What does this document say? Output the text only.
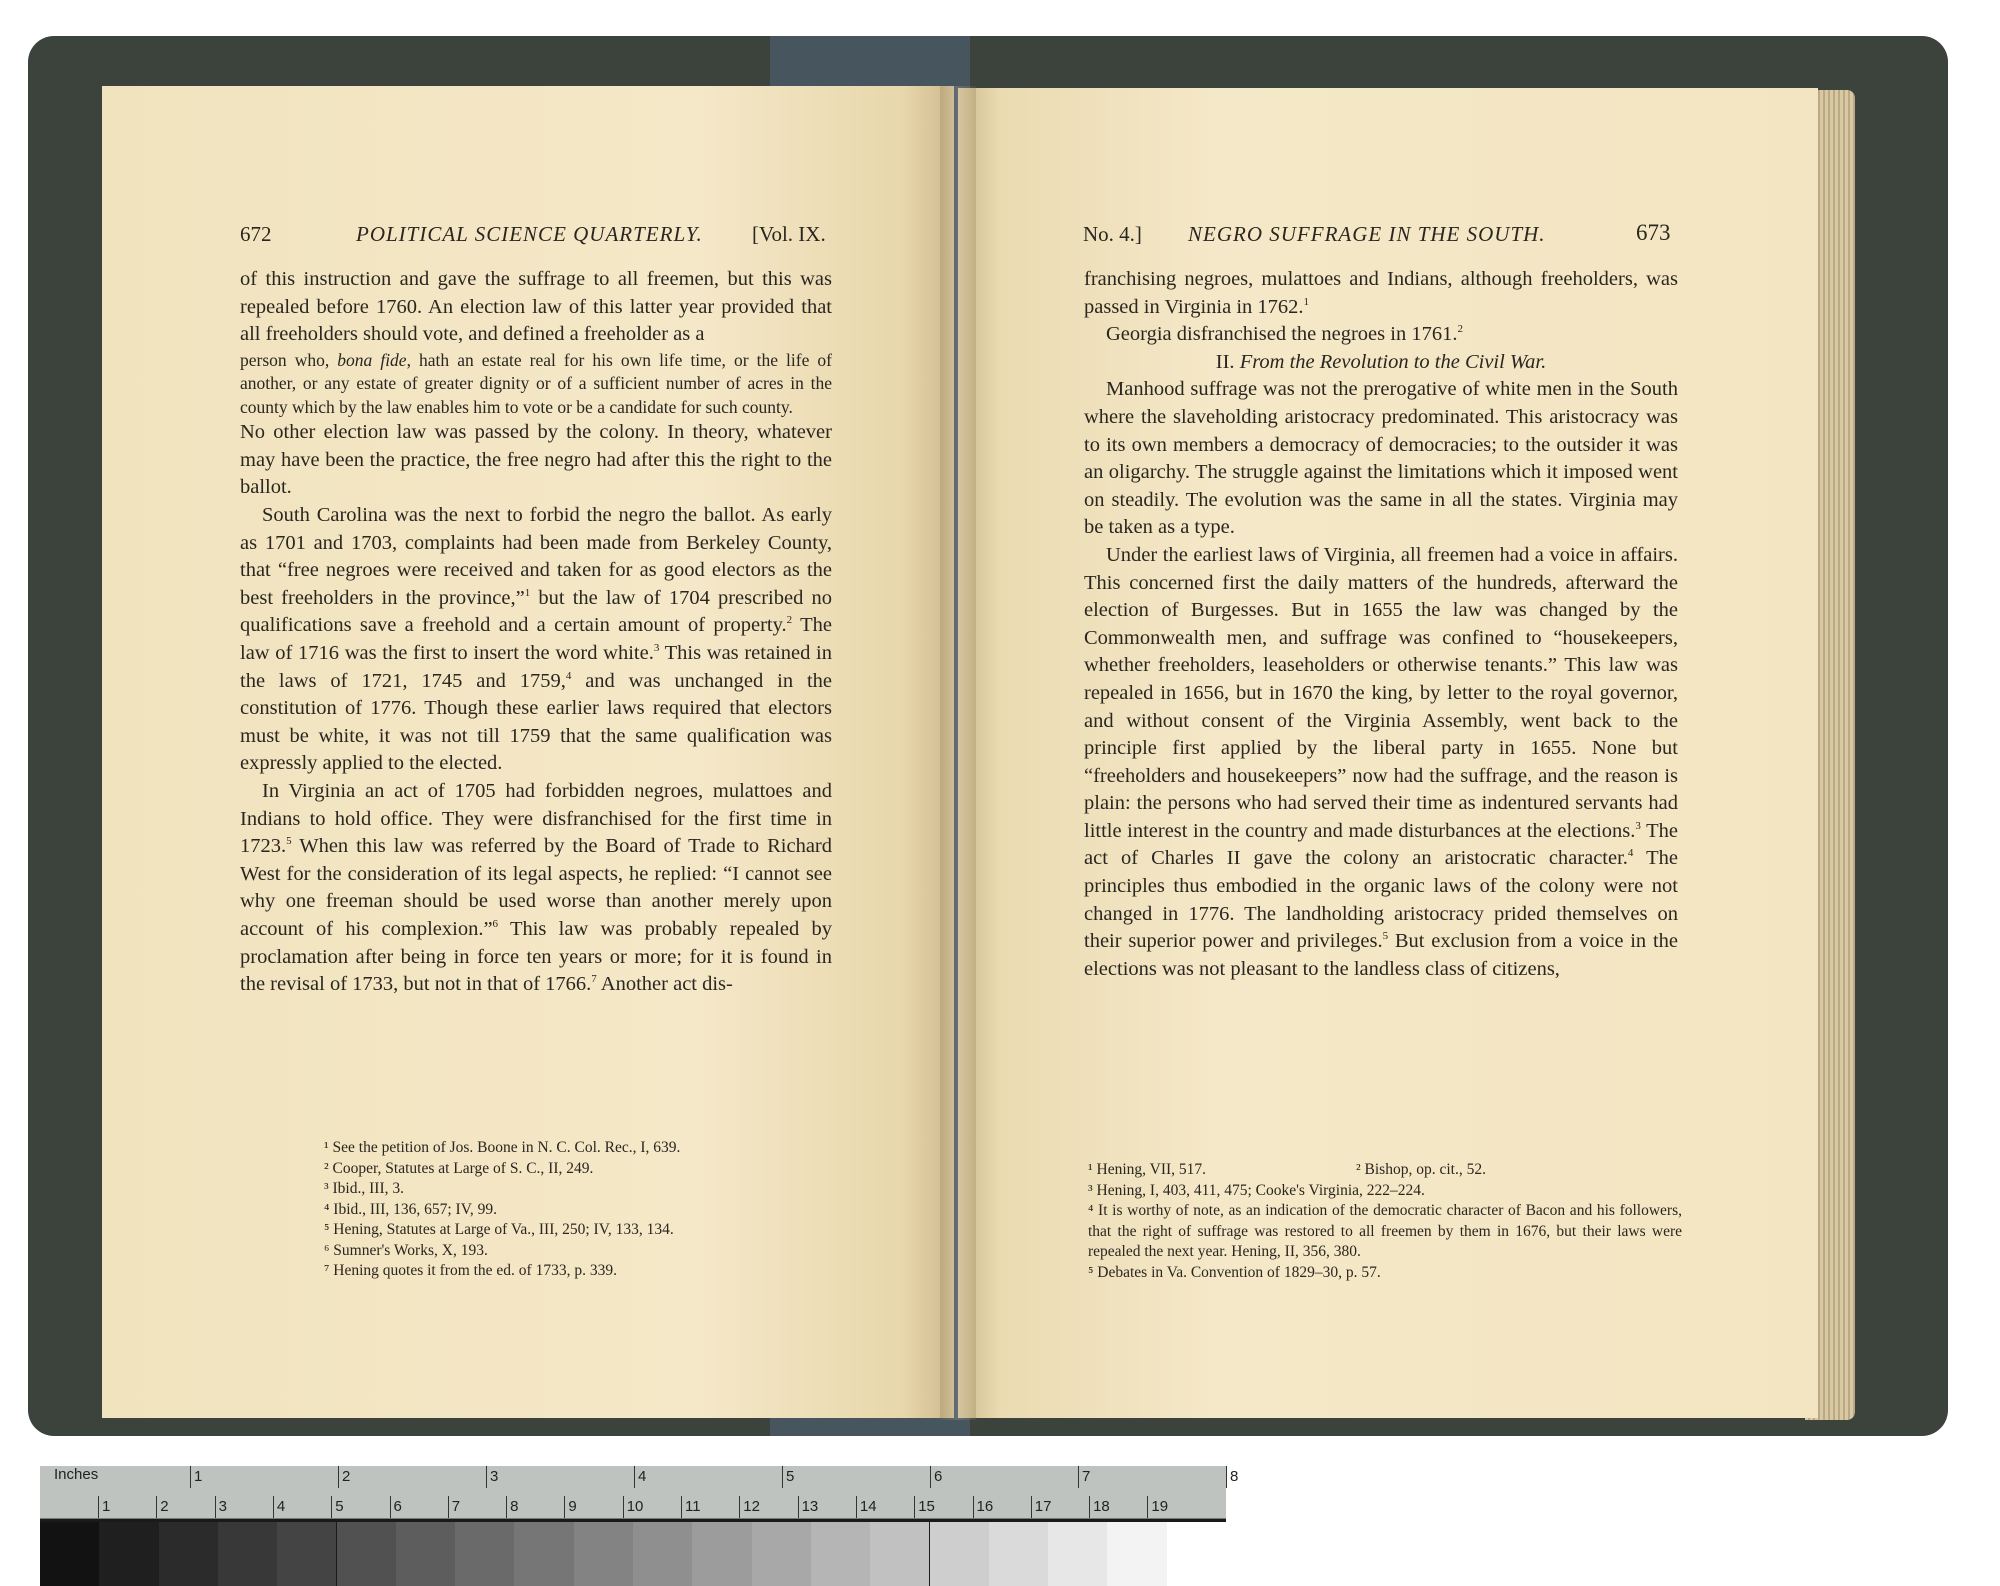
672	POLITICAL SCIENCE QUARTERLY. [Vol. IX.

of this instruction and gave the suffrage to all freemen, but this was repealed before 1760. An election law of this latter year provided that all freeholders should vote, and defined a freeholder as a

person who, bona fide, hath an estate real for his own life time, or the life of another, or any estate of greater dignity or of a sufficient number of acres in the county which by the law enables him to vote or be a candidate for such county.

No other election law was passed by the colony. In theory, whatever may have been the practice, the free negro had after this the right to the ballot.

South Carolina was the next to forbid the negro the ballot. As early as 1701 and 1703, complaints had been made from Berkeley County, that “free negroes were received and taken for as good electors as the best freeholders in the province,”$^1$ but the law of 1704 prescribed no qualifications save a freehold and a certain amount of property.$^2$ The law of 1716 was the first to insert the word white.$^3$ This was retained in the laws of 1721, 1745 and 1759,$^4$ and was unchanged in the constitution of 1776. Though these earlier laws required that electors must be white, it was not till 1759 that the same qualification was expressly applied to the elected.

In Virginia an act of 1705 had forbidden negroes, mulattoes and Indians to hold office. They were disfranchised for the first time in 1723.$^5$ When this law was referred by the Board of Trade to Richard West for the consideration of its legal aspects, he replied: “I cannot see why one freeman should be used worse than another merely upon account of his complexion.”$^6$ This law was probably repealed by proclamation after being in force ten years or more; for it is found in the revisal of 1733, but not in that of 1766.$^7$ Another act dis-

¹ See the petition of Jos. Boone in N. C. Col. Rec., I, 639.
² Cooper, Statutes at Large of S. C., II, 249.
³ Ibid., III, 3.
⁴ Ibid., III, 136, 657; IV, 99.
⁵ Hening, Statutes at Large of Va., III, 250; IV, 133, 134.
⁶ Sumner's Works, X, 193.
⁷ Hening quotes it from the ed. of 1733, p. 339.
No. 4.] NEGRO SUFFRAGE IN THE SOUTH.	673

franchising negroes, mulattoes and Indians, although freeholders, was passed in Virginia in 1762.$^1$

Georgia disfranchised the negroes in 1761.$^2$

II. From the Revolution to the Civil War.

Manhood suffrage was not the prerogative of white men in the South where the slaveholding aristocracy predominated. This aristocracy was to its own members a democracy of democracies; to the outsider it was an oligarchy. The struggle against the limitations which it imposed went on steadily. The evolution was the same in all the states. Virginia may be taken as a type.

Under the earliest laws of Virginia, all freemen had a voice in affairs. This concerned first the daily matters of the hundreds, afterward the election of Burgesses. But in 1655 the law was changed by the Commonwealth men, and suffrage was confined to “housekeepers, whether freeholders, leaseholders or otherwise tenants.” This law was repealed in 1656, but in 1670 the king, by letter to the royal governor, and without consent of the Virginia Assembly, went back to the principle first applied by the liberal party in 1655. None but “freeholders and housekeepers” now had the suffrage, and the reason is plain: the persons who had served their time as indentured servants had little interest in the country and made disturbances at the elections.$^3$ The act of Charles II gave the colony an aristocratic character.$^4$ The principles thus embodied in the organic laws of the colony were not changed in 1776. The landholding aristocracy prided themselves on their superior power and privileges.$^5$ But exclusion from a voice in the elections was not pleasant to the landless class of citizens,

¹ Hening, VII, 517.	² Bishop, op. cit., 52.
³ Hening, I, 403, 411, 475; Cooke's Virginia, 222–224.
⁴ It is worthy of note, as an indication of the democratic character of Bacon and his followers, that the right of suffrage was restored to all freemen by them in 1676, but their laws were repealed the next year. Hening, II, 356, 380.
⁵ Debates in Va. Convention of 1829–30, p. 57.
Inches	1	2	3	4	5	6	7	8
1	2	3	4	5	6	7	8	9	10	11	12	13	14	15	16	17	18	19
